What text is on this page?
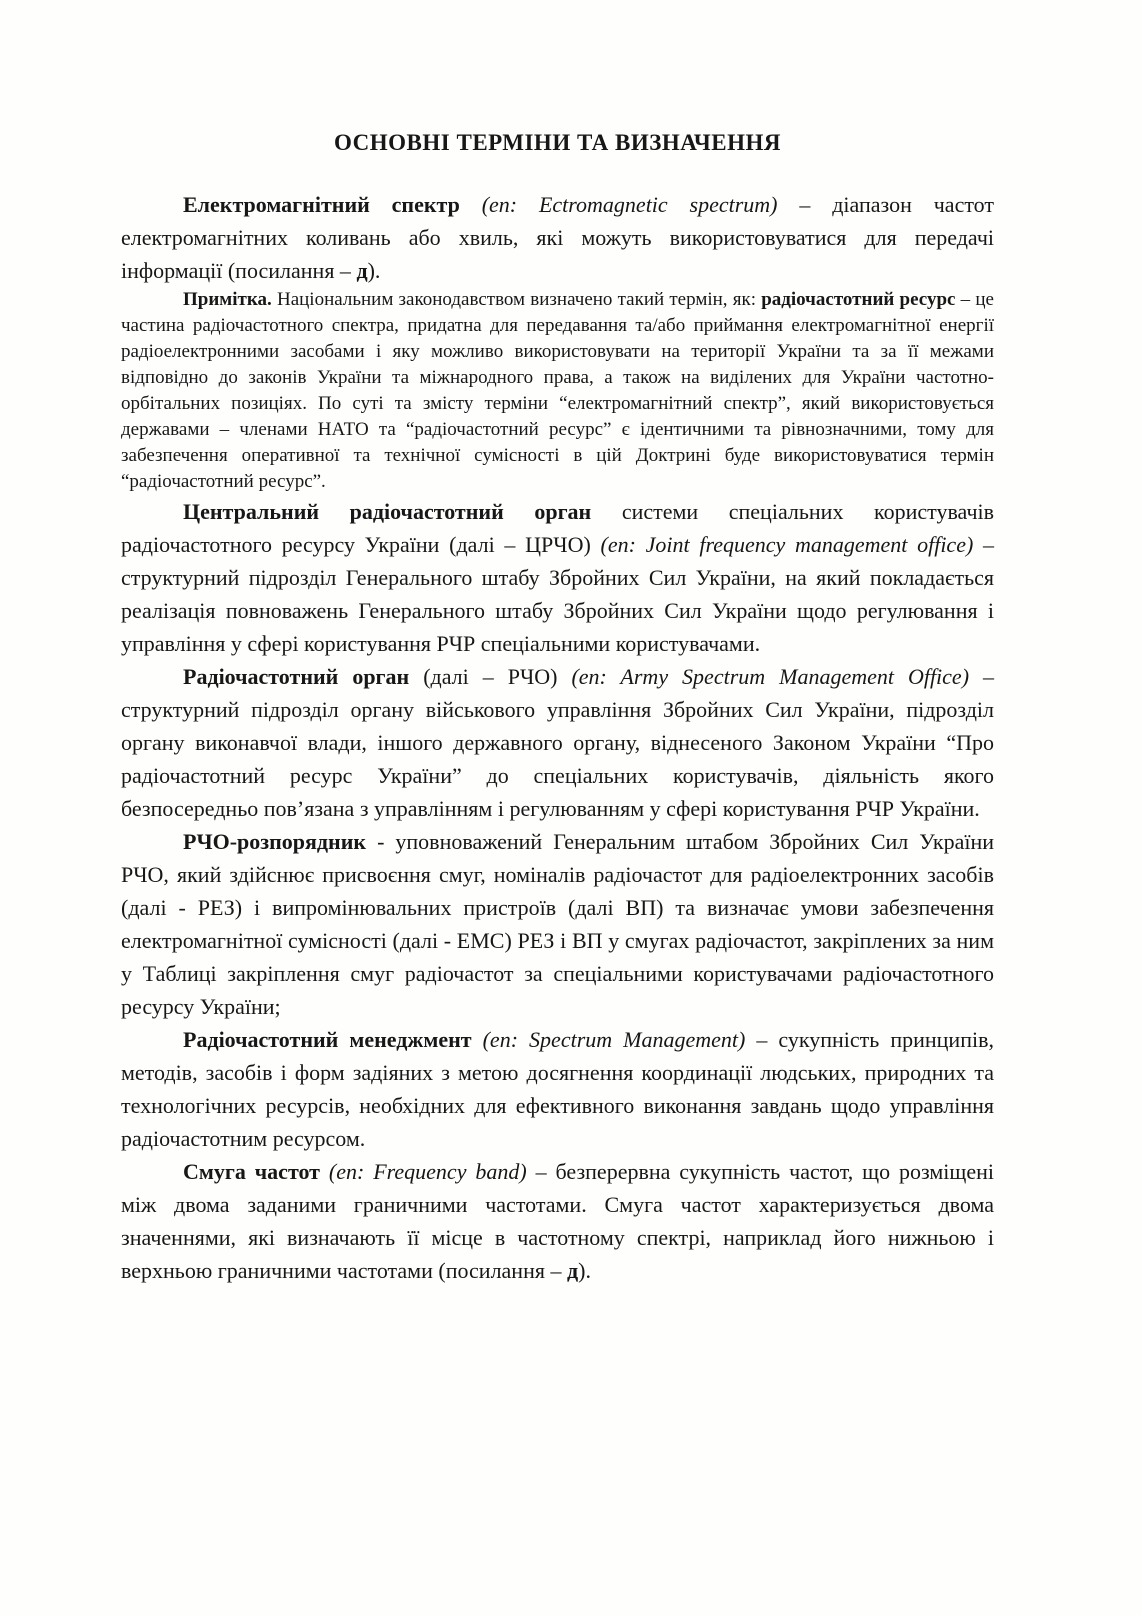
ОСНОВНІ ТЕРМІНИ ТА ВИЗНАЧЕННЯ

Електромагнітний спектр (en: Ectromagnetic spectrum) – діапазон частот електромагнітних коливань або хвиль, які можуть використовуватися для передачі інформації (посилання – д).

Примітка. Національним законодавством визначено такий термін, як: радіочастотний ресурс – це частина радіочастотного спектра, придатна для передавання та/або приймання електромагнітної енергії радіоелектронними засобами і яку можливо використовувати на території України та за її межами відповідно до законів України та міжнародного права, а також на виділених для України частотно-орбітальних позиціях. По суті та змісту терміни “електромагнітний спектр”, який використовується державами – членами НАТО та “радіочастотний ресурс” є ідентичними та рівнозначними, тому для забезпечення оперативної та технічної сумісності в цій Доктрині буде використовуватися термін “радіочастотний ресурс”.

Центральний радіочастотний орган системи спеціальних користувачів радіочастотного ресурсу України (далі – ЦРЧО) (en: Joint frequency management office) – структурний підрозділ Генерального штабу Збройних Сил України, на який покладається реалізація повноважень Генерального штабу Збройних Сил України щодо регулювання і управління у сфері користування РЧР спеціальними користувачами.

Радіочастотний орган (далі – РЧО) (en: Army Spectrum Management Office) – структурний підрозділ органу військового управління Збройних Сил України, підрозділ органу виконавчої влади, іншого державного органу, віднесеного Законом України “Про радіочастотний ресурс України” до спеціальних користувачів, діяльність якого безпосередньо пов’язана з управлінням і регулюванням у сфері користування РЧР України.

РЧО-розпорядник - уповноважений Генеральним штабом Збройних Сил України РЧО, який здійснює присвоєння смуг, номіналів радіочастот для радіоелектронних засобів (далі - РЕЗ) і випромінювальних пристроїв (далі ВП) та визначає умови забезпечення електромагнітної сумісності (далі - ЕМС) РЕЗ і ВП у смугах радіочастот, закріплених за ним у Таблиці закріплення смуг радіочастот за спеціальними користувачами радіочастотного ресурсу України;

Радіочастотний менеджмент (en: Spectrum Management) – сукупність принципів, методів, засобів і форм задіяних з метою досягнення координації людських, природних та технологічних ресурсів, необхідних для ефективного виконання завдань щодо управління радіочастотним ресурсом.

Смуга частот (en: Frequency band) – безперервна сукупність частот, що розміщені між двома заданими граничними частотами. Смуга частот характеризується двома значеннями, які визначають її місце в частотному спектрі, наприклад його нижньою і верхньою граничними частотами (посилання – д).
